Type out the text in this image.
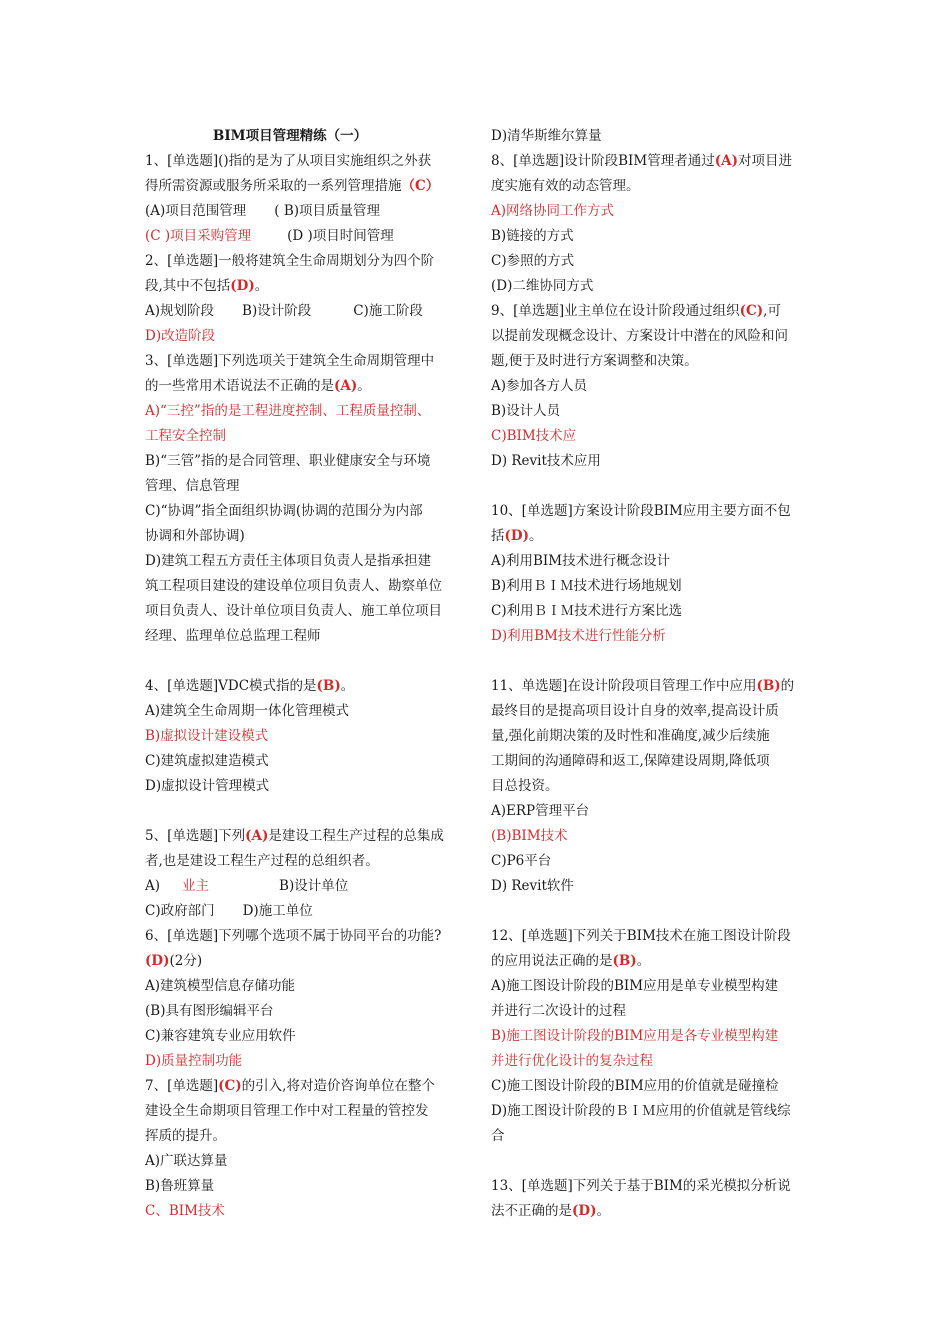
BIM项目管理精练（一）
1、[单选题]()指的是为了从项目实施组织之外获
得所需资源或服务所采取的一系列管理措施（C）
(A)项目范围管理 ( B)项目质量管理
(C )项目采购管理	(D )项目时间管理
2、[单选题]一般将建筑全生命周期划分为四个阶
段,其中不包括(D)。
A)规划阶段 B)设计阶段	C)施工阶段
D)改造阶段
3、[单选题]下列选项关于建筑全生命周期管理中
的一些常用术语说法不正确的是(A)。
A)“三控”指的是工程进度控制、工程质量控制、
工程安全控制
B)“三管”指的是合同管理、职业健康安全与环境
管理、信息管理
C)“协调”指全面组织协调(协调的范围分为内部
协调和外部协调)
D)建筑工程五方责任主体项目负责人是指承担建
筑工程项目建设的建设单位项目负责人、勘察单位
项目负责人、设计单位项目负责人、施工单位项目
经理、监理单位总监理工程师
4、[单选题]VDC模式指的是(B)。
A)建筑全生命周期一体化管理模式
B)虚拟设计建设模式
C)建筑虚拟建造模式
D)虚拟设计管理模式
5、[单选题]下列(A)是建设工程生产过程的总集成
者,也是建设工程生产过程的总组织者。
A) 业主	B)设计单位
C)政府部门 D)施工单位
6、[单选题]下列哪个选项不属于协同平台的功能?
(D)(2分)
A)建筑模型信息存储功能
(B)具有图形编辑平台
C)兼容建筑专业应用软件
D)质量控制功能
7、[单选题](C)的引入,将对造价咨询单位在整个
建设全生命期项目管理工作中对工程量的管控发
挥质的提升。
A)广联达算量
B)鲁班算量
C、BIM技术
D)清华斯维尔算量
8、[单选题]设计阶段BIM管理者通过(A)对项目进
度实施有效的动态管理。
A)网络协同工作方式
B)链接的方式
C)参照的方式
(D)二维协同方式
9、[单选题]业主单位在设计阶段通过组织(C),可
以提前发现概念设计、方案设计中潜在的风险和问
题,便于及时进行方案调整和决策。
A)参加各方人员
B)设计人员
C)BIM技术应
D) Revit技术应用
10、[单选题]方案设计阶段BIM应用主要方面不包
括(D)。
A)利用BIM技术进行概念设计
B)利用ＢＩＭ技术进行场地规划
C)利用ＢＩＭ技术进行方案比选
D)利用BM技术进行性能分析
11、单选题]在设计阶段项目管理工作中应用(B)的
最终目的是提高项目设计自身的效率,提高设计质
量,强化前期决策的及时性和准确度,减少后续施
工期间的沟通障碍和返工,保障建设周期,降低项
目总投资。
A)ERP管理平台
(B)BIM技术
C)P6平台
D) Revit软件
12、[单选题]下列关于BIM技术在施工图设计阶段
的应用说法正确的是(B)。
A)施工图设计阶段的BIM应用是单专业模型构建
并进行二次设计的过程
B)施工图设计阶段的BIM应用是各专业模型构建
并进行优化设计的复杂过程
C)施工图设计阶段的BIM应用的价值就是碰撞检
D)施工图设计阶段的ＢＩＭ应用的价值就是管线综
合
13、[单选题]下列关于基于BIM的采光模拟分析说
法不正确的是(D)。
